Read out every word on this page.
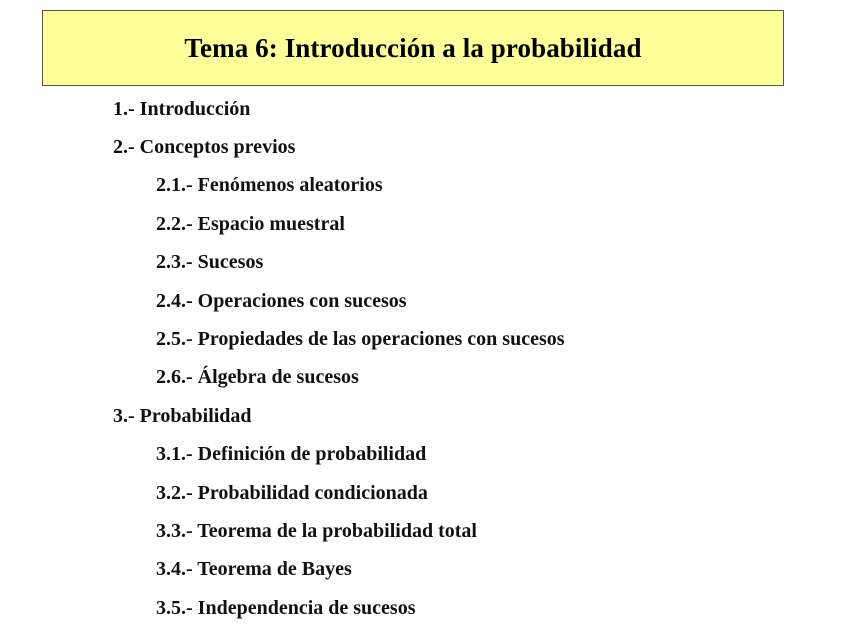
Tema 6: Introducción a la probabilidad
1.- Introducción
2.- Conceptos previos
2.1.- Fenómenos aleatorios
2.2.- Espacio muestral
2.3.- Sucesos
2.4.- Operaciones con sucesos
2.5.- Propiedades de las operaciones con sucesos
2.6.- Álgebra de sucesos
3.- Probabilidad
3.1.- Definición de probabilidad
3.2.- Probabilidad condicionada
3.3.- Teorema de la probabilidad total
3.4.- Teorema de Bayes
3.5.- Independencia de sucesos
